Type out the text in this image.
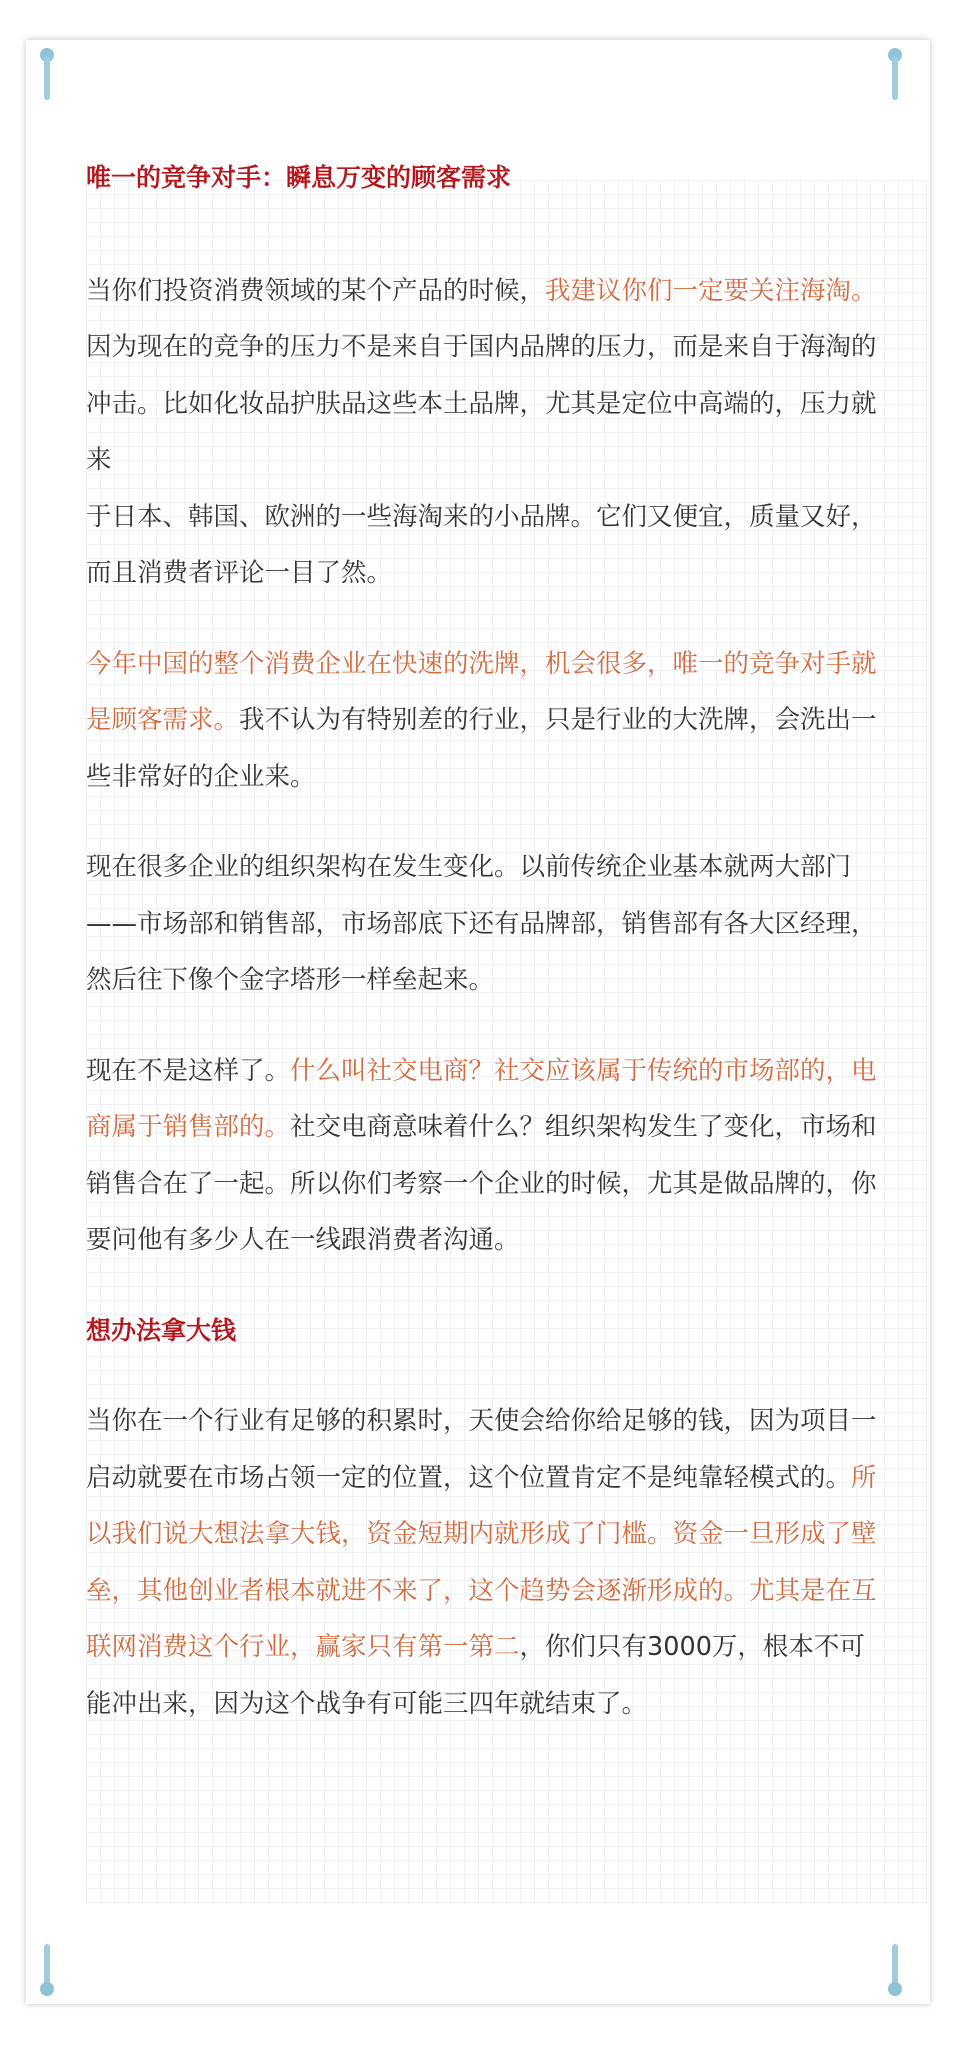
唯一的竞争对手：瞬息万变的顾客需求

当你们投资消费领域的某个产品的时候，我建议你们一定要关注海淘。因为现在的竞争的压力不是来自于国内品牌的压力，而是来自于海淘的冲击。比如化妆品护肤品这些本土品牌，尤其是定位中高端的，压力就来

于日本、韩国、欧洲的一些海淘来的小品牌。它们又便宜，质量又好，而且消费者评论一目了然。

今年中国的整个消费企业在快速的洗牌，机会很多，唯一的竞争对手就是顾客需求。我不认为有特别差的行业，只是行业的大洗牌，会洗出一些非常好的企业来。

现在很多企业的组织架构在发生变化。以前传统企业基本就两大部门——市场部和销售部，市场部底下还有品牌部，销售部有各大区经理，然后往下像个金字塔形一样垒起来。

现在不是这样了。什么叫社交电商？社交应该属于传统的市场部的，电商属于销售部的。社交电商意味着什么？组织架构发生了变化，市场和销售合在了一起。所以你们考察一个企业的时候，尤其是做品牌的，你要问他有多少人在一线跟消费者沟通。

想办法拿大钱

当你在一个行业有足够的积累时，天使会给你给足够的钱，因为项目一启动就要在市场占领一定的位置，这个位置肯定不是纯靠轻模式的。所以我们说大想法拿大钱，资金短期内就形成了门槛。资金一旦形成了壁垒，其他创业者根本就进不来了，这个趋势会逐渐形成的。尤其是在互联网消费这个行业，赢家只有第一第二，你们只有3000万，根本不可能冲出来，因为这个战争有可能三四年就结束了。
